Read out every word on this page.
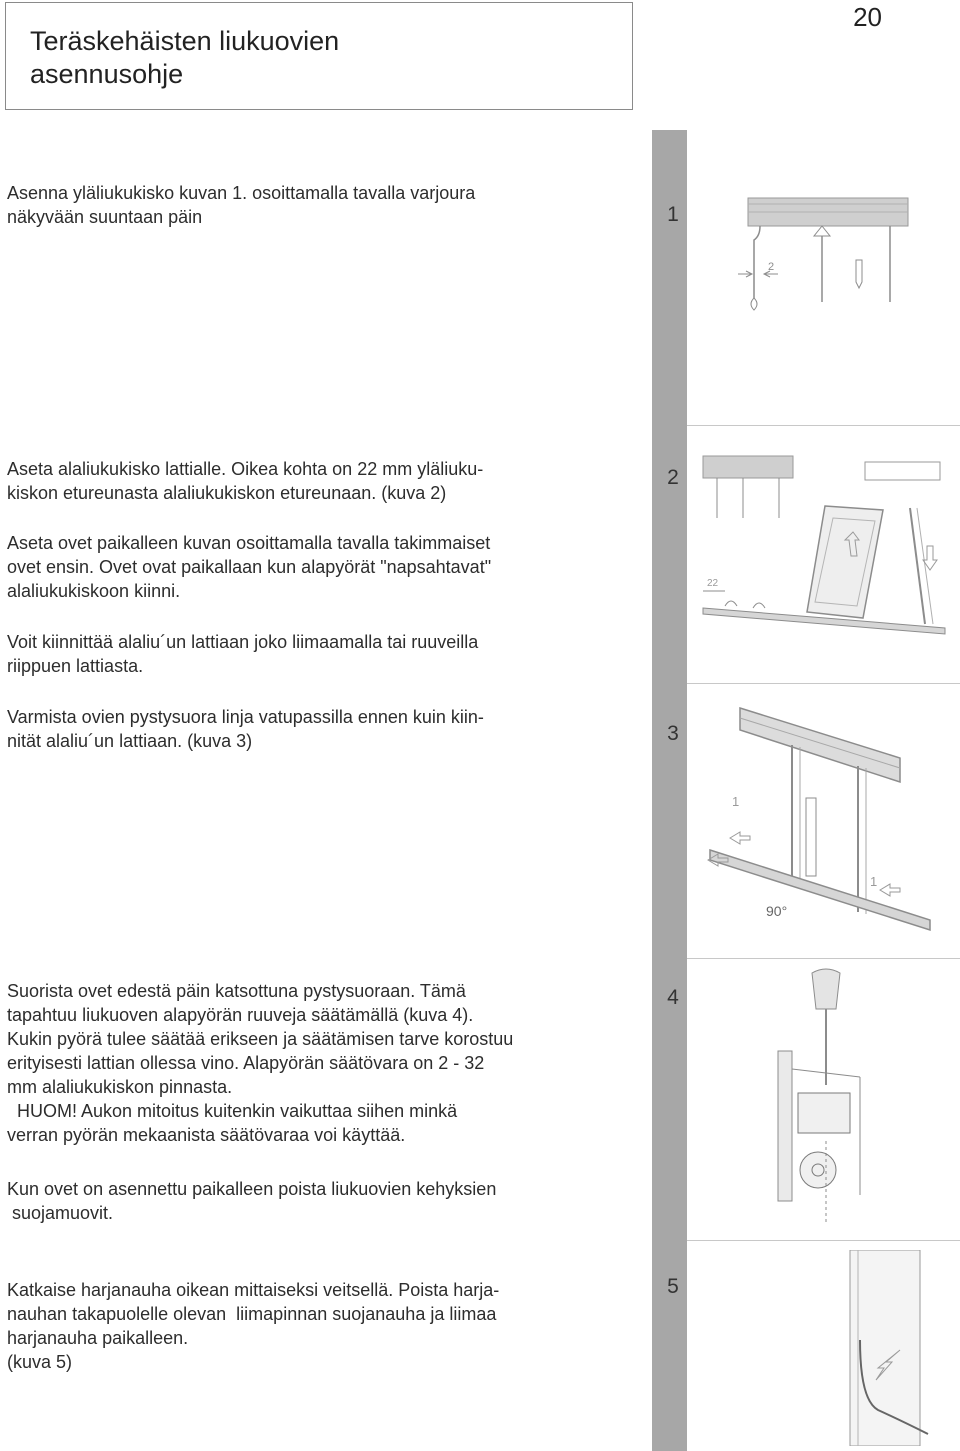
Teräskehäisten liukuovien
asennusohje
20
1
2
3
4
5
Asenna yläliukukisko kuvan 1. osoittamalla tavalla varjoura
näkyvään suuntaan päin
Aseta alaliukukisko lattialle. Oikea kohta on 22 mm yläliuku-
kiskon etureunasta alaliukukiskon etureunaan. (kuva 2)
Aseta ovet paikalleen kuvan osoittamalla tavalla takimmaiset
ovet ensin. Ovet ovat paikallaan kun alapyörät "napsahtavat"
alaliukukiskoon kiinni.
Voit kiinnittää alaliu´un lattiaan joko liimaamalla tai ruuveilla
riippuen lattiasta.
Varmista ovien pystysuora linja vatupassilla ennen kuin kiin-
nität alaliu´un lattiaan. (kuva 3)
Suorista ovet edestä päin katsottuna pystysuoraan. Tämä
tapahtuu liukuoven alapyörän ruuveja säätämällä (kuva 4).
Kukin pyörä tulee säätää erikseen ja säätämisen tarve korostuu
erityisesti lattian ollessa vino. Alapyörän säätövara on 2 - 32
mm alaliukukiskon pinnasta.
HUOM! Aukon mitoitus kuitenkin vaikuttaa siihen minkä
verran pyörän mekaanista säätövaraa voi käyttää.
Kun ovet on asennettu paikalleen poista liukuovien kehyksien
suojamuovit.
Katkaise harjanauha oikean mittaiseksi veitsellä. Poista harja-
nauhan takapuolelle olevan  liimapinnan suojanauha ja liimaa
harjanauha paikalleen.
(kuva 5)
2
22
1
1
90°
